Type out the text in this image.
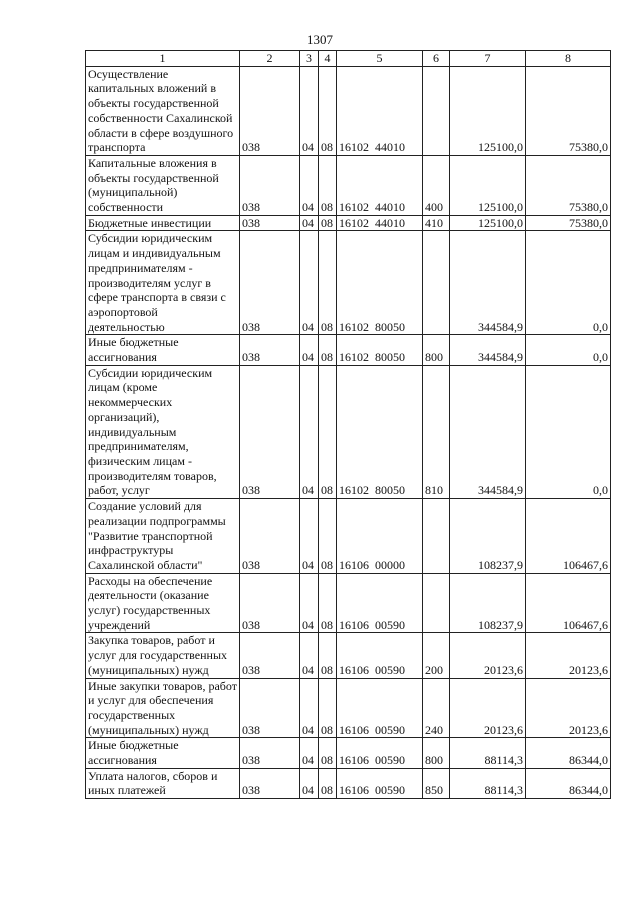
1307
1	2	3	4	5	6	7	8
Осуществление капитальных вложений в объекты государственной собственности Сахалинской области в сфере воздушного транспорта	038	04	08	16102 44010		125100,0	75380,0
Капитальные вложения в объекты государственной (муниципальной) собственности	038	04	08	16102 44010	400	125100,0	75380,0
Бюджетные инвестиции	038	04	08	16102 44010	410	125100,0	75380,0
Субсидии юридическим лицам и индивидуальным предпринимателям - производителям услуг в сфере транспорта в связи с аэропортовой деятельностью	038	04	08	16102 80050		344584,9	0,0
Иные бюджетные ассигнования	038	04	08	16102 80050	800	344584,9	0,0
Субсидии юридическим лицам (кроме некоммерческих организаций), индивидуальным предпринимателям, физическим лицам - производителям товаров, работ, услуг	038	04	08	16102 80050	810	344584,9	0,0
Создание условий для реализации подпрограммы "Развитие транспортной инфраструктуры Сахалинской области"	038	04	08	16106 00000		108237,9	106467,6
Расходы на обеспечение деятельности (оказание услуг) государственных учреждений	038	04	08	16106 00590		108237,9	106467,6
Закупка товаров, работ и услуг для государственных (муниципальных) нужд	038	04	08	16106 00590	200	20123,6	20123,6
Иные закупки товаров, работ и услуг для обеспечения государственных (муниципальных) нужд	038	04	08	16106 00590	240	20123,6	20123,6
Иные бюджетные ассигнования	038	04	08	16106 00590	800	88114,3	86344,0
Уплата налогов, сборов и иных платежей	038	04	08	16106 00590	850	88114,3	86344,0
